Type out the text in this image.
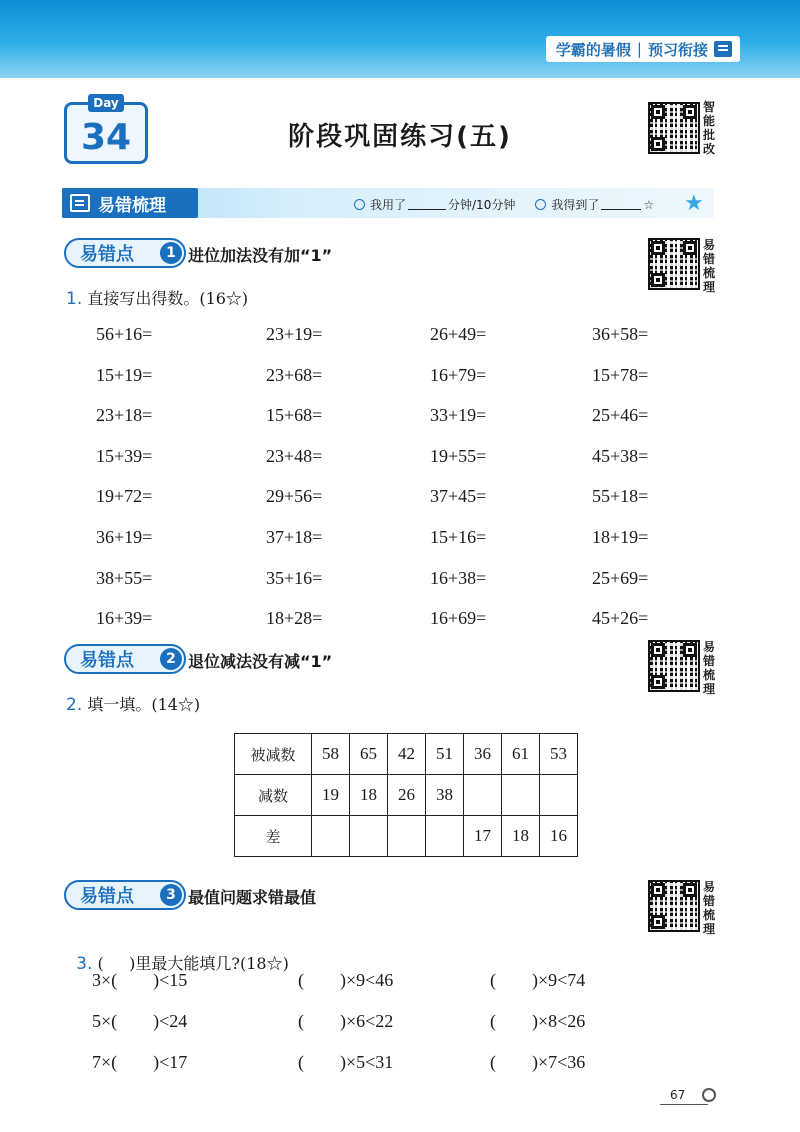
学霸的暑假 | 预习衔接
Day
34	阶段巩固练习(五)
智
能
批
改
易错梳理	我用了	分钟/10分钟	我得到了	☆ ★
易错点	1 进位加法没有加“1”
易
错
梳
理
1. 直接写出得数。(16☆)
56+16=	23+19=	26+49=	36+58=
15+19=	23+68=	16+79=	15+78=
23+18=	15+68=	33+19=	25+46=
15+39=	23+48=	19+55=	45+38=
19+72=	29+56=	37+45=	55+18=
36+19=	37+18=	15+16=	18+19=
38+55=	35+16=	16+38=	25+69=
16+39=	18+28=	16+69=	45+26=
易错点	2 退位减法没有减“1”
易
错
梳
理
2. 填一填。(14☆)
被减数	58	65	42	51	36	61	53
减数	19	18	26	38			
差					17	18	16
易错点	3 最值问题求错最值
易
错
梳
理

3. (     )里最大能填几?(18☆)

3×(        )<15	(        )×9<46	(        )×9<74
5×(        )<24	(        )×6<22	(        )×8<26
7×(        )<17	(        )×5<31	(        )×7<36
67
